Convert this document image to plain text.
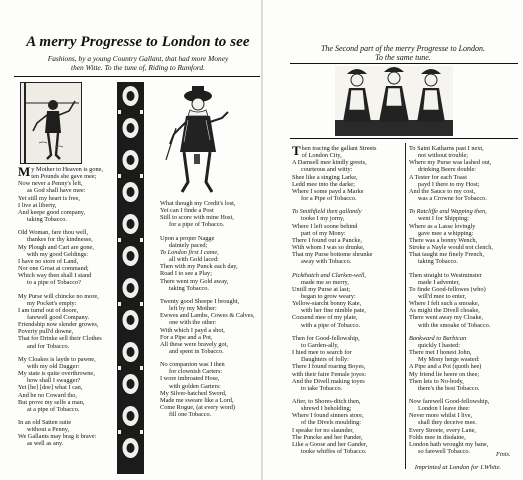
A merry Progresse to London to see
Fashions, by a young Country Gallant, that had more Money
then Witte. To the tune of, Riding to Rumford.
My Mother to Heaven is gone,
ten Pounds she gave mee;
Now never a Penny's left,
as God shall have mee:
Yet still my heart is free,
I live at liberty,
And keepe good company,
taking Tobacco.
Old Woman, fare thou well,
thankes for thy kindnesse,
My Plough and Cart are gone,
with my good Geldings:
I have no store of Land,
Nor one Groat at command;
Which way then shall I stand
to a pipe of Tobacco?
My Purse will chincke no more,
my Pocket's empty:
I am turnd out of doore,
farewell good Company.
Friendship now slender growes,
Poverty pull'd downe,
That for Drinke sell their Clothes
and for Tobacco.
My Cloakes is layde to pawne,
with my old Dagger:
My state is quite overthrowne,
how shall I swagger?
Yet [he] [doe] what I can,
And be no Coward tho,
But prove my selfe a man,
at a pipe of Tobacco.
In an old Satten suite
without a Penny,
We Gallants may brag it brave:
as well as any.
What though my Credit's lost,
Yet can I finde a Post
Still to score with mine Host,
for a pipe of Tobacco.
Upon a proper Nagge
daintely paced;
To London first I came,
all with Gold laced:
Then with my Punck each day,
Road I to see a Play;
There went my Gold away,
taking Tobacco.
Twenty good Sheepe I brought,
left by my Mother:
Ewwes and Lambs, Cowes & Calves,
one with the other:
With which I payd a shot,
For a Pipe and a Pot,
All these were bravely got,
and spent in Tobacco.
No companion was I then
for clownish Carters:
I wore imbroated Hose,
with golden Garters:
My Silver-hatched Sword,
Made me sweare like a Lord,
Come Rogue, (at every word)
fill one Tobacco.
The Second part of the merry Progresse to London.
To the same tune.
Then tracing the gallant Streets
of London City,
A Damsell mee kindly greets,
courteous and witty:
Shee like a singing Larke,
Ledd mee into the darke;
Where I some payd a Marke
for a Pipe of Tobacco.
To Smithfield then gallantly
tooke I my jorny,
Where I left soone behind
part of my Mony:
There I found out a Pancke,
With whom I was so drunke,
That my Purse bottome shrunke
away with Tobacco.
Pickthatch and Clarken-well,
made me so merry,
Untill my Purse at last;
began to grow weary:
Yellow-starcht bonny Kate,
with her fine nimble pate,
Cozsend mee of my plate,
with a pipe of Tobacco.
Then for Good-fellowship,
to Garden-ally,
I hied mee to search for
Daughters of folly:
There I found roaring Boyes,
with their faire Female joyes:
And the Divell making toyes
to take Tobacco.
After, to Shores-ditch then,
shrewd I beholding;
Where I found sinners store,
of the Divels moulding:
I speake for no slaunder,
The Puncke and her Pander,
Like a Goose and her Gander,
tooke whiffes of Tobacco.
To Saint Katharns past I next,
not without trouble;
Where my Purse was lashed out,
drinking Beere double:
A Tester for each Toast
payd I there to my Host;
And the Sauce to my cost,
was a Crowne for Tobacco.
To Ratcliffe and Wapping then,
went I for Shipping;
Where as a Lasse lovingly
gave mee a whipping:
There was a bonny Wench,
Stroke a Nayle would not clench,
That taught me finely French,
taking Tobacco.
Then straight to Westminster
made I adventer,
To finde Good-fellowes (who)
will'd mee to enter,
Where I felt such a smoake,
As might the Divell choake,
There went away my Cloake,
with the smoake of Tobacco.
Bankward to Barbican
quickly I hasted:
There met I honest John,
My Mony herge wasted:
A Pipe and a Pot (quoth hee)
My friend lie heere on thee;
Then lets to No-body,
there's the best Tobacco.
Now farewell Good-fellowship,
London I leave thee:
Never more whilst I live,
shall they deceive mee.
Every Streete, every Lane,
Folds mee in disdaine,
London hath wrought my bane,
so farewell Tobacco.	Finis.
Imprinted at London for I.White.
